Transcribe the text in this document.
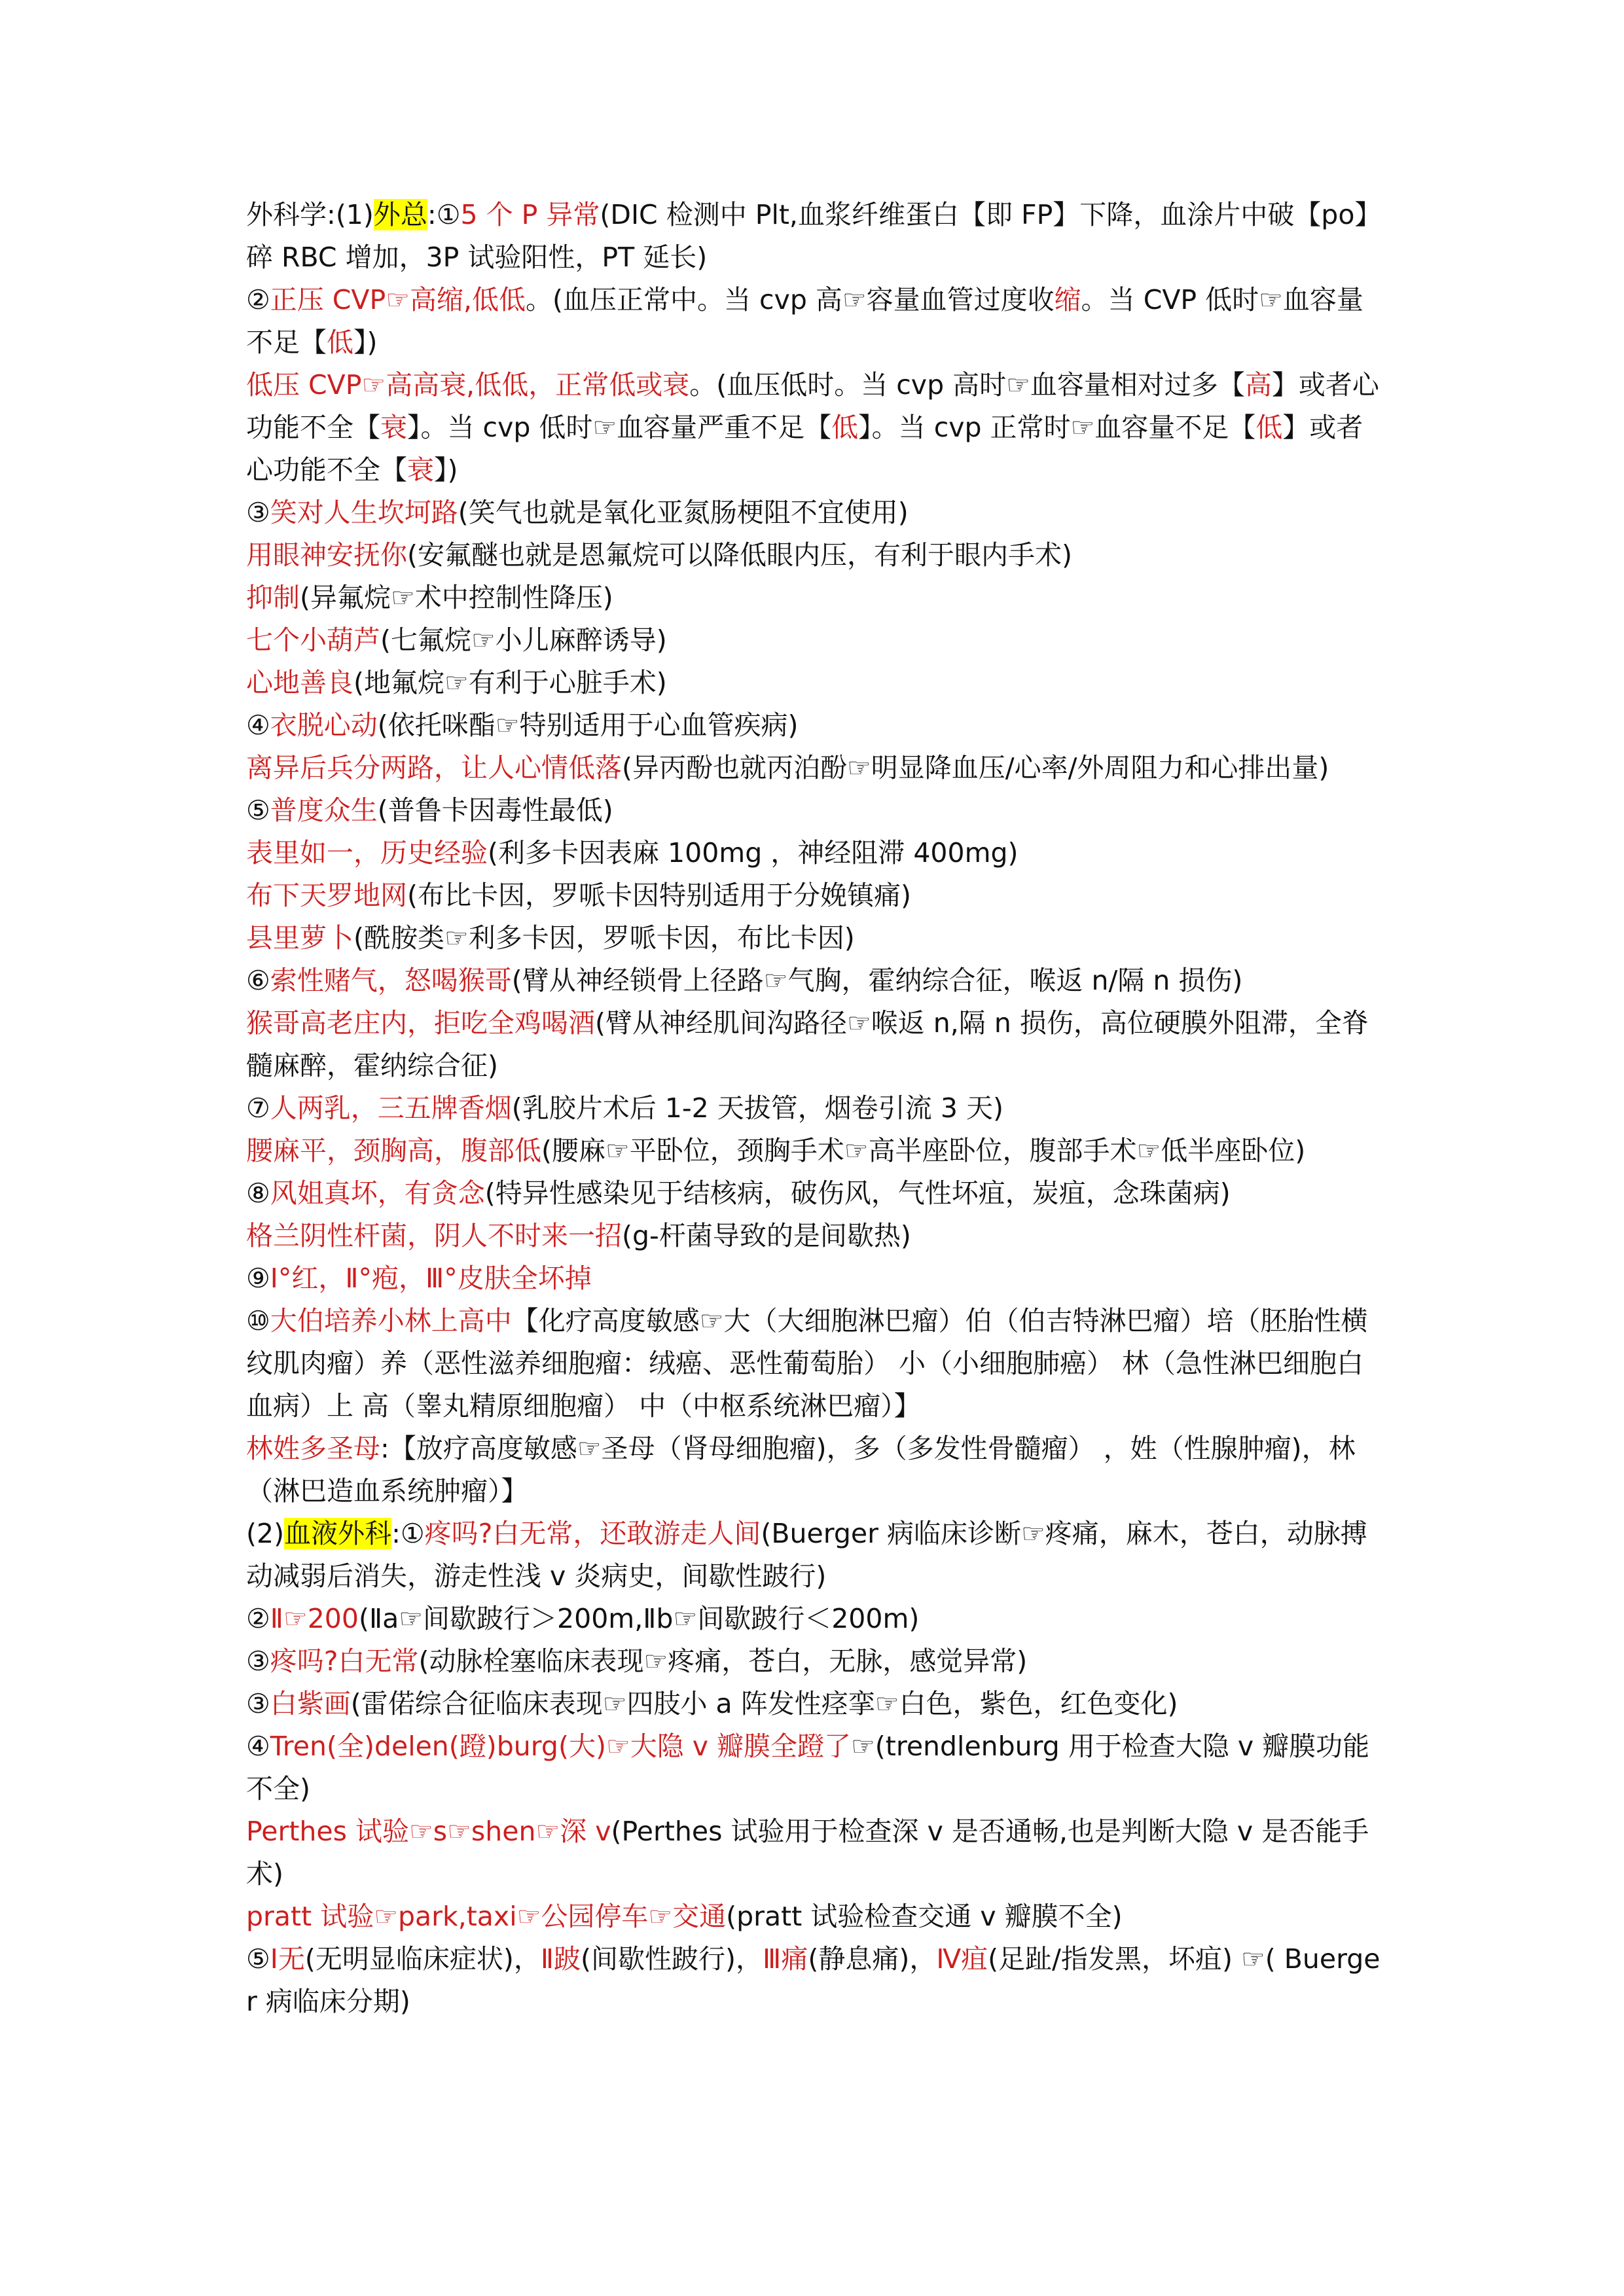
外科学:(1)外总:①5 个 P 异常(DIC 检测中 Plt,血浆纤维蛋白【即 FP】下降，血涂片中破【po】碎 RBC 增加，3P 试验阳性，PT 延长)
②正压 CVP☞高缩,低低。(血压正常中。当 cvp 高☞容量血管过度收缩。当 CVP 低时☞血容量不足【低】)
低压 CVP☞高高衰,低低，正常低或衰。(血压低时。当 cvp 高时☞血容量相对过多【高】或者心功能不全【衰】。当 cvp 低时☞血容量严重不足【低】。当 cvp 正常时☞血容量不足【低】或者心功能不全【衰】)
③笑对人生坎坷路(笑气也就是氧化亚氮肠梗阻不宜使用)
用眼神安抚你(安氟醚也就是恩氟烷可以降低眼内压，有利于眼内手术)
抑制(异氟烷☞术中控制性降压)
七个小葫芦(七氟烷☞小儿麻醉诱导)
心地善良(地氟烷☞有利于心脏手术)
④衣脱心动(依托咪酯☞特别适用于心血管疾病)
离异后兵分两路，让人心情低落(异丙酚也就丙泊酚☞明显降血压/心率/外周阻力和心排出量)
⑤普度众生(普鲁卡因毒性最低)
表里如一，历史经验(利多卡因表麻 100mg ，神经阻滞 400mg)
布下天罗地网(布比卡因，罗哌卡因特别适用于分娩镇痛)
县里萝卜(酰胺类☞利多卡因，罗哌卡因，布比卡因)
⑥索性赌气，怒喝猴哥(臂从神经锁骨上径路☞气胸，霍纳综合征，喉返 n/隔 n 损伤)
猴哥高老庄内，拒吃全鸡喝酒(臂从神经肌间沟路径☞喉返 n,隔 n 损伤，高位硬膜外阻滞，全脊髓麻醉，霍纳综合征)
⑦人两乳，三五牌香烟(乳胶片术后 1-2 天拔管，烟卷引流 3 天)
腰麻平，颈胸高，腹部低(腰麻☞平卧位，颈胸手术☞高半座卧位，腹部手术☞低半座卧位)
⑧风姐真坏，有贪念(特异性感染见于结核病，破伤风，气性坏疽，炭疽，念珠菌病)
格兰阴性杆菌，阴人不时来一招(g-杆菌导致的是间歇热)
⑨Ⅰ°红，Ⅱ°疱，Ⅲ°皮肤全坏掉
⑩大伯培养小林上高中【化疗高度敏感☞大（大细胞淋巴瘤）伯（伯吉特淋巴瘤）培（胚胎性横纹肌肉瘤）养（恶性滋养细胞瘤：绒癌、恶性葡萄胎） 小（小细胞肺癌） 林（急性淋巴细胞白血病）上 高（睾丸精原细胞瘤） 中（中枢系统淋巴瘤）】
林姓多圣母:【放疗高度敏感☞圣母（肾母细胞瘤)，多（多发性骨髓瘤） ，姓（性腺肿瘤)，林（淋巴造血系统肿瘤）】
(2)血液外科:①疼吗?白无常，还敢游走人间(Buerger 病临床诊断☞疼痛，麻木，苍白，动脉搏动减弱后消失，游走性浅 v 炎病史，间歇性跛行)
②Ⅱ☞200(Ⅱa☞间歇跛行＞200m,Ⅱb☞间歇跛行＜200m)
③疼吗?白无常(动脉栓塞临床表现☞疼痛，苍白，无脉，感觉异常)
③白紫画(雷偌综合征临床表现☞四肢小 a 阵发性痉挛☞白色，紫色，红色变化)
④Tren(全)delen(蹬)burg(大)☞大隐 v 瓣膜全蹬了☞(trendlenburg 用于检查大隐 v 瓣膜功能不全)
Perthes 试验☞s☞shen☞深 v(Perthes 试验用于检查深 v 是否通畅,也是判断大隐 v 是否能手术)
pratt 试验☞park,taxi☞公园停车☞交通(pratt 试验检查交通 v 瓣膜不全)
⑤Ⅰ无(无明显临床症状)，Ⅱ跛(间歇性跛行)，Ⅲ痛(静息痛)，Ⅳ疽(足趾/指发黑，坏疽) ☞( Buerger 病临床分期)
